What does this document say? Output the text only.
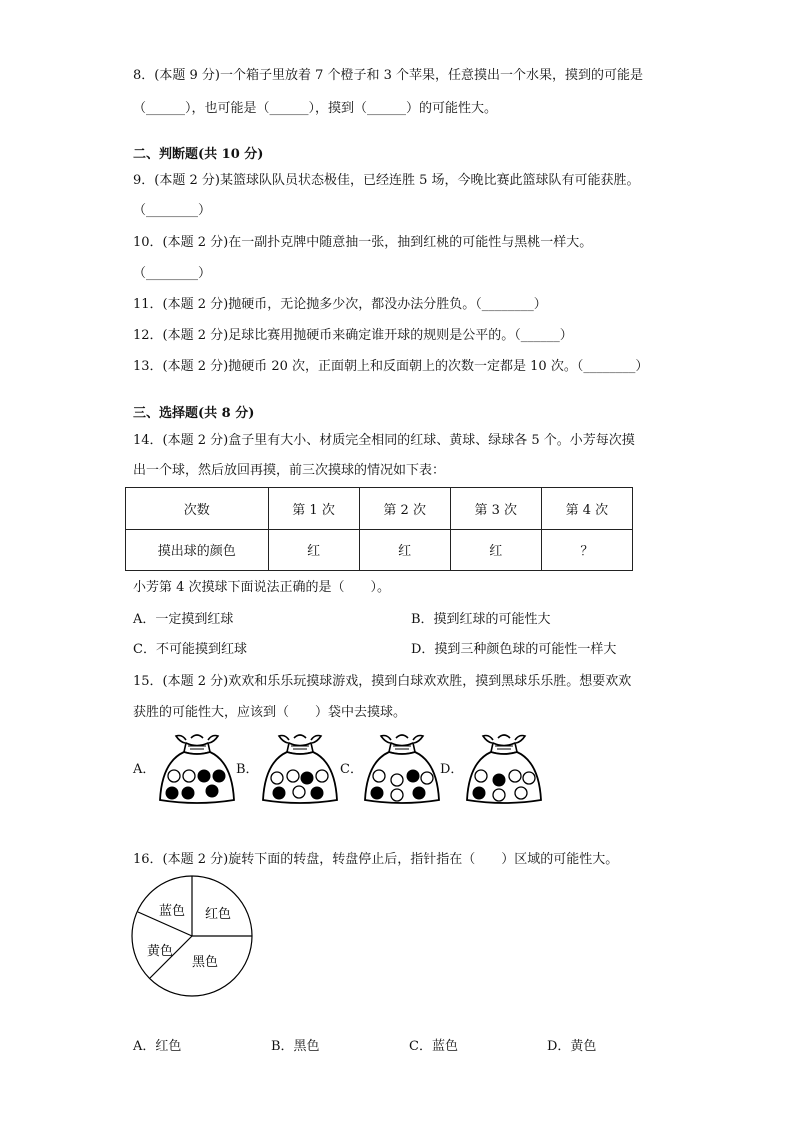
8．(本题 9 分)一个箱子里放着 7 个橙子和 3 个苹果，任意摸出一个水果，摸到的可能是
（______），也可能是（______），摸到（______）的可能性大。
二、判断题(共 10 分)
9．(本题 2 分)某篮球队队员状态极佳，已经连胜 5 场，今晚比赛此篮球队有可能获胜。
（________）
10．(本题 2 分)在一副扑克牌中随意抽一张，抽到红桃的可能性与黑桃一样大。
（________）
11．(本题 2 分)抛硬币，无论抛多少次，都没办法分胜负。（________）
12．(本题 2 分)足球比赛用抛硬币来确定谁开球的规则是公平的。（______）
13．(本题 2 分)抛硬币 20 次，正面朝上和反面朝上的次数一定都是 10 次。（________）
三、选择题(共 8 分)
14．(本题 2 分)盒子里有大小、材质完全相同的红球、黄球、绿球各 5 个。小芳每次摸
出一个球，然后放回再摸，前三次摸球的情况如下表：
次数	第 1 次	第 2 次	第 3 次	第 4 次
摸出球的颜色	红	红	红	？
小芳第 4 次摸球下面说法正确的是（　　）。
A．一定摸到红球	B．摸到红球的可能性大
C．不可能摸到红球	D．摸到三种颜色球的可能性一样大
15．(本题 2 分)欢欢和乐乐玩摸球游戏，摸到白球欢欢胜，摸到黑球乐乐胜。想要欢欢
获胜的可能性大，应该到（　　）袋中去摸球。
A．	B．	C．	D．
16．(本题 2 分)旋转下面的转盘，转盘停止后，指针指在（　　）区域的可能性大。
蓝色 红色
黄色
黑色
A．红色	B．黑色	C．蓝色	D．黄色
